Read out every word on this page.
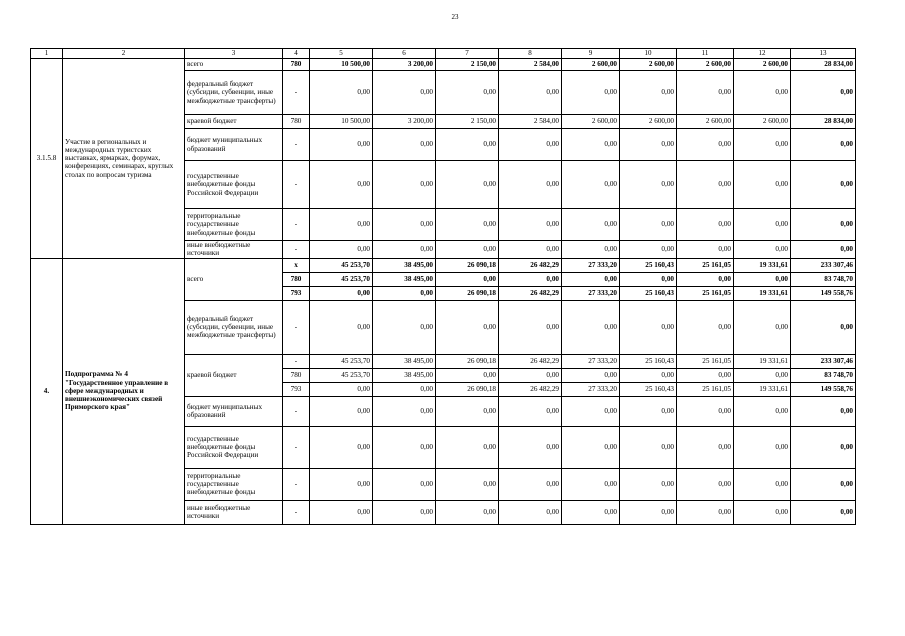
23
1	2	3	4	5	6	7	8	9	10	11	12	13
3.1.5.8	Участие в региональных и международных туристских выставках, ярмарках, форумах, конференциях, семинарах, круглых столах по вопросам туризма	всего	780	10 500,00	3 200,00	2 150,00	2 584,00	2 600,00	2 600,00	2 600,00	2 600,00	28 834,00
		федеральный бюджет (субсидии, субвенции, иные межбюджетные трансферты)	-	0,00	0,00	0,00	0,00	0,00	0,00	0,00	0,00	0,00
		краевой бюджет	780	10 500,00	3 200,00	2 150,00	2 584,00	2 600,00	2 600,00	2 600,00	2 600,00	28 834,00
		бюджет муниципальных образований	-	0,00	0,00	0,00	0,00	0,00	0,00	0,00	0,00	0,00
		государственные внебюджетные фонды Российской Федерации	-	0,00	0,00	0,00	0,00	0,00	0,00	0,00	0,00	0,00
		территориальные государственные внебюджетные фонды	-	0,00	0,00	0,00	0,00	0,00	0,00	0,00	0,00	0,00
		иные внебюджетные источники	-	0,00	0,00	0,00	0,00	0,00	0,00	0,00	0,00	0,00
4.	Подпрограмма № 4 "Государственное управление в сфере международных и внешнеэкономических связей Приморского края"	всего	х	45 253,70	38 495,00	26 090,18	26 482,29	27 333,20	25 160,43	25 161,05	19 331,61	233 307,46
			780	45 253,70	38 495,00	0,00	0,00	0,00	0,00	0,00	0,00	83 748,70
			793	0,00	0,00	26 090,18	26 482,29	27 333,20	25 160,43	25 161,05	19 331,61	149 558,76
		федеральный бюджет (субсидии, субвенции, иные межбюджетные трансферты)	-	0,00	0,00	0,00	0,00	0,00	0,00	0,00	0,00	0,00
		краевой бюджет	-	45 253,70	38 495,00	26 090,18	26 482,29	27 333,20	25 160,43	25 161,05	19 331,61	233 307,46
			780	45 253,70	38 495,00	0,00	0,00	0,00	0,00	0,00	0,00	83 748,70
			793	0,00	0,00	26 090,18	26 482,29	27 333,20	25 160,43	25 161,05	19 331,61	149 558,76
		бюджет муниципальных образований	-	0,00	0,00	0,00	0,00	0,00	0,00	0,00	0,00	0,00
		государственные внебюджетные фонды Российской Федерации	-	0,00	0,00	0,00	0,00	0,00	0,00	0,00	0,00	0,00
		территориальные государственные внебюджетные фонды	-	0,00	0,00	0,00	0,00	0,00	0,00	0,00	0,00	0,00
		иные внебюджетные источники	-	0,00	0,00	0,00	0,00	0,00	0,00	0,00	0,00	0,00
